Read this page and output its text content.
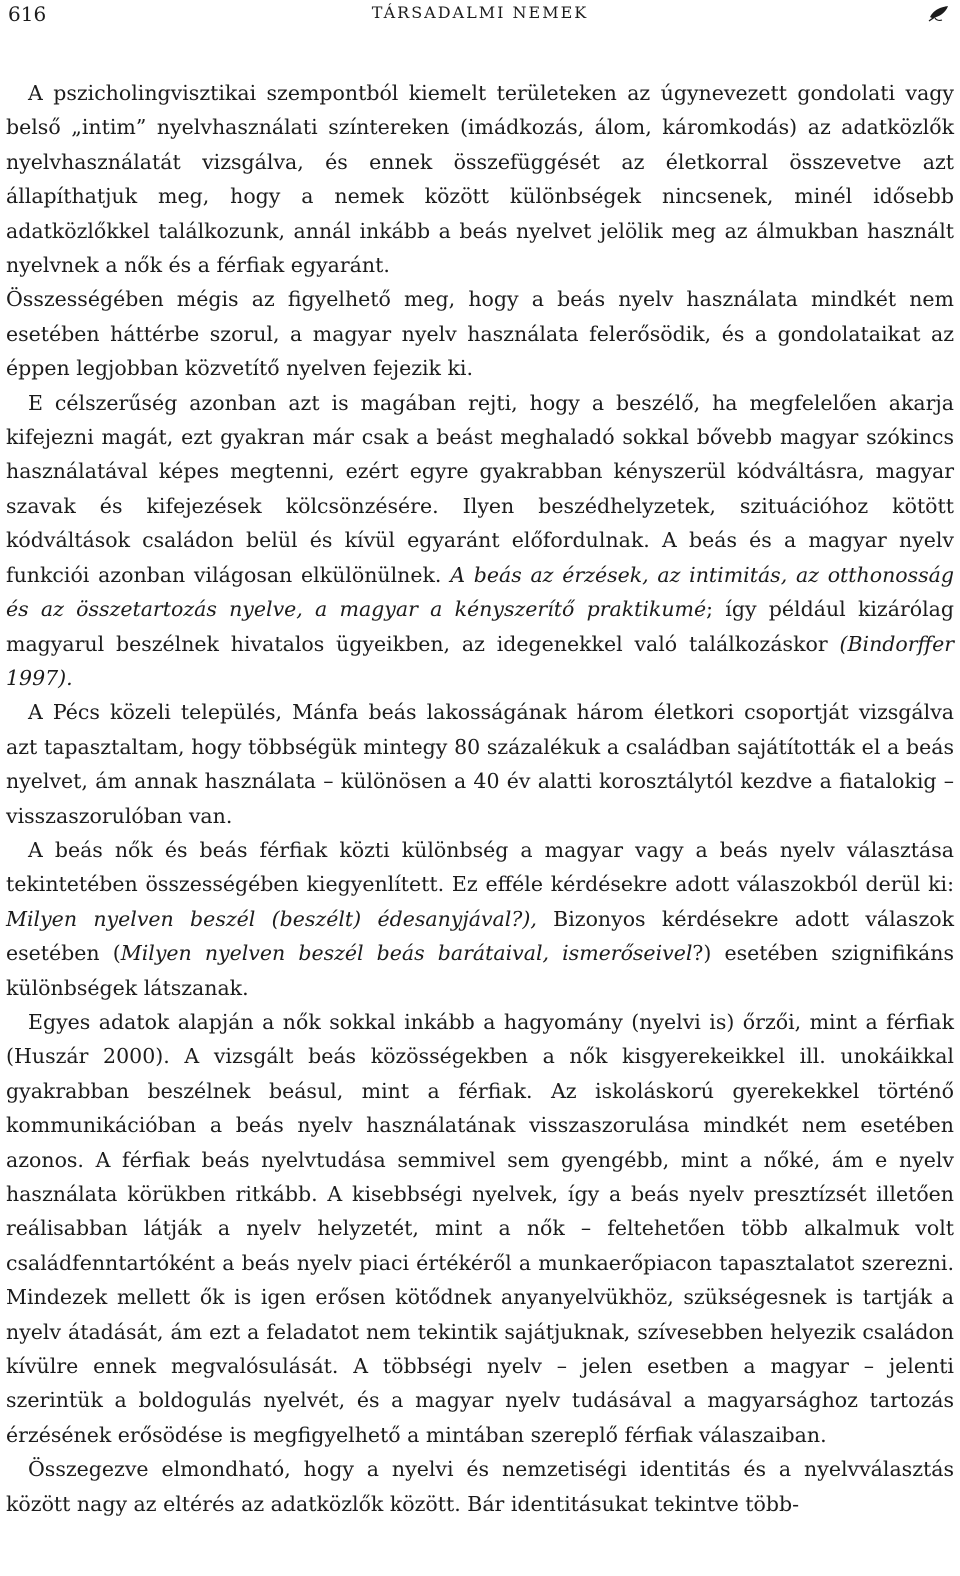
616	TÁRSADALMI NEMEK

A pszicholingvisztikai szempontból kiemelt területeken az úgynevezett gondolati vagy belső „intim” nyelvhasználati színtereken (imádkozás, álom, káromkodás) az adatközlők nyelvhasználatát vizsgálva, és ennek összefüggését az életkorral összevetve azt állapíthatjuk meg, hogy a nemek között különbségek nincsenek, minél idősebb adatközlőkkel találkozunk, annál inkább a beás nyelvet jelölik meg az álmukban használt nyelvnek a nők és a férfiak egyaránt.

Összességében mégis az figyelhető meg, hogy a beás nyelv használata mindkét nem esetében háttérbe szorul, a magyar nyelv használata felerősödik, és a gondolataikat az éppen legjobban közvetítő nyelven fejezik ki.

E célszerűség azonban azt is magában rejti, hogy a beszélő, ha megfelelően akarja kifejezni magát, ezt gyakran már csak a beást meghaladó sokkal bővebb magyar szókincs használatával képes megtenni, ezért egyre gyakrabban kényszerül kódváltásra, magyar szavak és kifejezések kölcsönzésére. Ilyen beszédhelyzetek, szituációhoz kötött kódváltások családon belül és kívül egyaránt előfordulnak. A beás és a magyar nyelv funkciói azonban világosan elkülönülnek. A beás az érzések, az intimitás, az otthonosság és az összetartozás nyelve, a magyar a kényszerítő praktikumé; így például kizárólag magyarul beszélnek hivatalos ügyeikben, az idegenekkel való találkozáskor (Bindorffer 1997).

A Pécs közeli település, Mánfa beás lakosságának három életkori csoportját vizsgálva azt tapasztaltam, hogy többségük mintegy 80 százalékuk a családban sajátították el a beás nyelvet, ám annak használata – különösen a 40 év alatti korosztálytól kezdve a fiatalokig – visszaszorulóban van.

A beás nők és beás férfiak közti különbség a magyar vagy a beás nyelv választása tekintetében összességében kiegyenlített. Ez efféle kérdésekre adott válaszokból derül ki: Milyen nyelven beszél (beszélt) édesanyjával?), Bizonyos kérdésekre adott válaszok esetében (Milyen nyelven beszél beás barátaival, ismerőseivel?) esetében szignifikáns különbségek látszanak.

Egyes adatok alapján a nők sokkal inkább a hagyomány (nyelvi is) őrzői, mint a férfiak (Huszár 2000). A vizsgált beás közösségekben a nők kisgyerekeikkel ill. unokáikkal gyakrabban beszélnek beásul, mint a férfiak. Az iskoláskorú gyerekekkel történő kommunikációban a beás nyelv használatának visszaszorulása mindkét nem esetében azonos. A férfiak beás nyelvtudása semmivel sem gyengébb, mint a nőké, ám e nyelv használata körükben ritkább. A kisebbségi nyelvek, így a beás nyelv presztízsét illetően reálisabban látják a nyelv helyzetét, mint a nők – feltehetően több alkalmuk volt családfenntartóként a beás nyelv piaci értékéről a munkaerőpiacon tapasztalatot szerezni. Mindezek mellett ők is igen erősen kötődnek anyanyelvükhöz, szükségesnek is tartják a nyelv átadását, ám ezt a feladatot nem tekintik sajátjuknak, szívesebben helyezik családon kívülre ennek megvalósulását. A többségi nyelv – jelen esetben a magyar – jelenti szerintük a boldogulás nyelvét, és a magyar nyelv tudásával a magyarsághoz tartozás érzésének erősödése is megfigyelhető a mintában szereplő férfiak válaszaiban.

Összegezve elmondható, hogy a nyelvi és nemzetiségi identitás és a nyelvválasztás között nagy az eltérés az adatközlők között. Bár identitásukat tekintve több-
